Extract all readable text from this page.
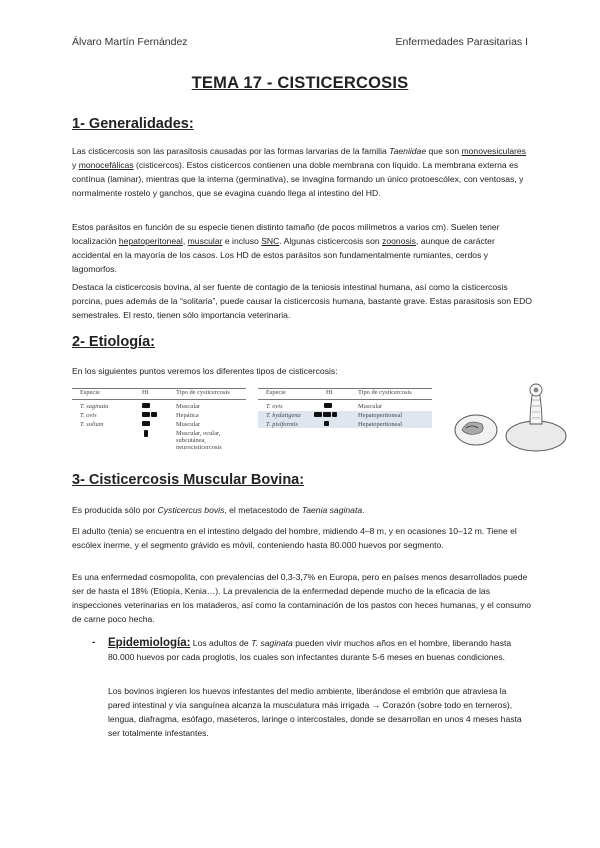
Álvaro Martín Fernández	Enfermedades Parasitarias I
TEMA 17 - CISTICERCOSIS
1- Generalidades:
Las cisticercosis son las parasitosis causadas por las formas larvarias de la familia Taeniidae que son monovesiculares y monocefálicas (cisticercos). Estos cisticercos contienen una doble membrana con líquido. La membrana externa es contínua (laminar), mientras que la interna (germinativa), se invagina formando un único protoescólex, con ventosas, y normalmente rostelo y ganchos, que se evagina cuando llega al intestino del HD.
Estos parásitos en función de su especie tienen distinto tamaño (de pocos milímetros a varios cm). Suelen tener localización hepatoperitoneal, muscular e incluso SNC. Algunas cisticercosis son zoonosis, aunque de carácter accidental en la mayoría de los casos. Los HD de estos parásitos son fundamentalmente rumiantes, cerdos y lagomorfos.
Destaca la cisticercosis bovina, al ser fuente de contagio de la teniosis intestinal humana, así como la cisticercosis porcina, pues además de la “solitaria”, puede causar la cisticercosis humana, bastante grave. Estas parasitosis son EDO semestrales. El resto, tienen sólo importancia veterinaria.
2- Etiología:
En los siguientes puntos veremos los diferentes tipos de cisticercosis:
Especie	HI	Tipo de cysticercosis
T. saginata	Muscular
T. ovis	Hepática
T. solium	Muscular
Muscular, ocular, subcutánea, neurocisticercosis
Especie	HI	Tipo de cysticercosis
T. ovis	Muscular
T. hydatigena	Hepatoperitoneal
T. pisiformis	Hepatoperitoneal
3- Cisticercosis Muscular Bovina:
Es producida sólo por Cysticercus bovis, el metacestodo de Taenia saginata.
El adulto (tenia) se encuentra en el intestino delgado del hombre, midiendo 4–8 m, y en ocasiones 10–12 m. Tiene el escólex inerme, y el segmento grávido es móvil, conteniendo hasta 80.000 huevos por segmento.
Es una enfermedad cosmopolita, con prevalencias del 0,3-3,7% en Europa, pero en países menos desarrollados puede ser de hasta el 18% (Etiopía, Kenia…). La prevalencia de la enfermedad depende mucho de la eficacia de las inspecciones veterinarias en los mataderos, así como la contaminación de los pastos con heces humanas, y el consumo de carne poco hecha.
- Epidemiología: Los adultos de T. saginata pueden vivir muchos años en el hombre, liberando hasta 80.000 huevos por cada proglotis, los cuales son infectantes durante 5-6 meses en buenas condiciones.
Los bovinos ingieren los huevos infestantes del medio ambiente, liberándose el embrión que atraviesa la pared intestinal y vía sanguínea alcanza la musculatura más irrigada → Corazón (sobre todo en terneros), lengua, diafragma, esófago, maseteros, laringe o intercostales, donde se desarrollan en unos 4 meses hasta ser totalmente infestantes.
